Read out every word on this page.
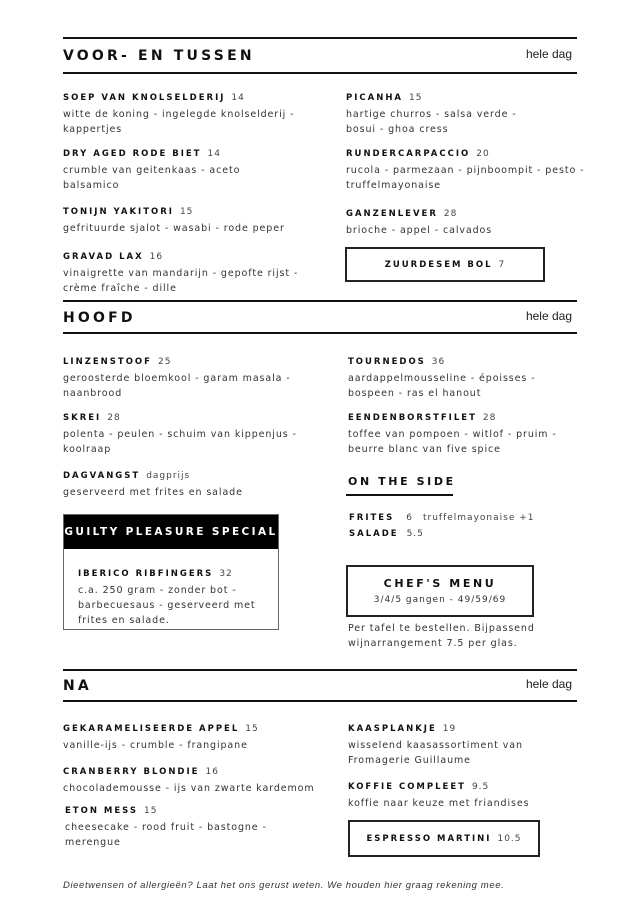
VOOR- EN TUSSEN	hele dag
SOEP VAN KNOLSELDERIJ 14
witte de koning - ingelegde knolselderij - kappertjes
DRY AGED RODE BIET 14
crumble van geitenkaas - aceto balsamico
TONIJN YAKITORI 15
gefrituurde sjalot - wasabi - rode peper
GRAVAD LAX 16
vinaigrette van mandarijn - gepofte rijst - crème fraîche - dille
PICANHA 15
hartige churros - salsa verde - bosui - ghoa cress
RUNDERCARPACCIO 20
rucola - parmezaan - pijnboompit - pesto - truffelmayonaise
GANZENLEVER 28
brioche - appel - calvados
ZUURDESEM BOL 7
HOOFD	hele dag
LINZENSTOOF 25
geroosterde bloemkool - garam masala - naanbrood
SKREI 28
polenta - peulen - schuim van kippenjus - koolraap
DAGVANGST dagprijs
geserveerd met frites en salade
TOURNEDOS 36
aardappelmousseline - époisses - bospeen - ras el hanout
EENDENBORSTFILET 28
toffee van pompoen - witlof - pruim - beurre blanc van five spice
GUILTY PLEASURE SPECIAL
IBERICO RIBFINGERS 32
c.a. 250 gram - zonder bot - barbecuesaus - geserveerd met frites en salade.
ON THE SIDE
FRITES 6 truffelmayonaise +1
SALADE 5.5
CHEF'S MENU
3/4/5 gangen - 49/59/69
Per tafel te bestellen. Bijpassend wijnarrangement 7.5 per glas.
NA	hele dag
GEKARAMELISEERDE APPEL 15
vanille-ijs - crumble - frangipane
CRANBERRY BLONDIE 16
chocolademousse - ijs van zwarte kardemom
ETON MESS 15
cheesecake - rood fruit - bastogne - merengue
KAASPLANKJE 19
wisselend kaasassortiment van Fromagerie Guillaume
KOFFIE COMPLEET 9.5
koffie naar keuze met friandises
ESPRESSO MARTINI 10.5
Dieetwensen of allergieën? Laat het ons gerust weten. We houden hier graag rekening mee.
